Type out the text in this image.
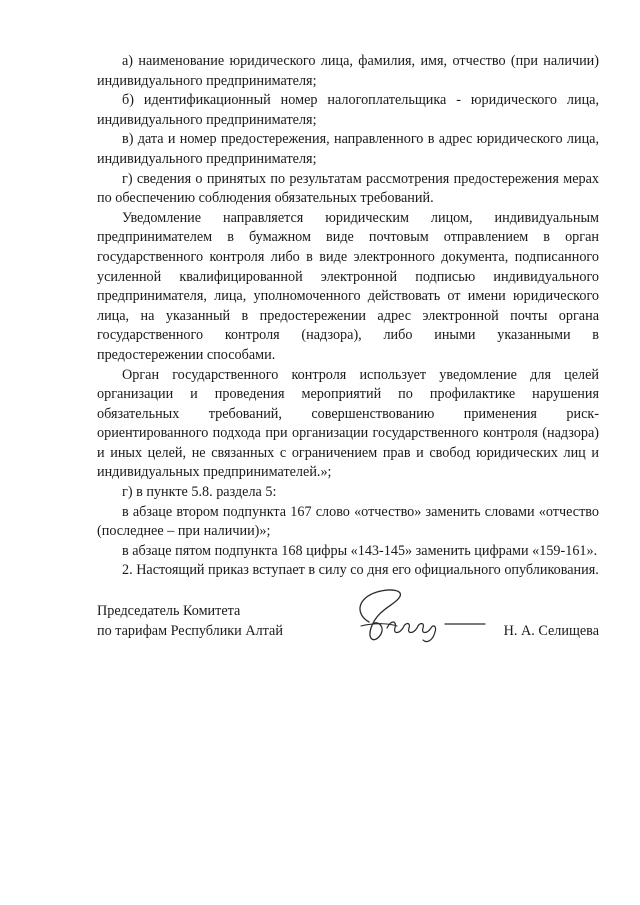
а) наименование юридического лица, фамилия, имя, отчество (при наличии) индивидуального предпринимателя;

б) идентификационный номер налогоплательщика - юридического лица, индивидуального предпринимателя;

в) дата и номер предостережения, направленного в адрес юридического лица, индивидуального предпринимателя;

г) сведения о принятых по результатам рассмотрения предостережения мерах по обеспечению соблюдения обязательных требований.

Уведомление направляется юридическим лицом, индивидуальным предпринимателем в бумажном виде почтовым отправлением в орган государственного контроля либо в виде электронного документа, подписанного усиленной квалифицированной электронной подписью индивидуального предпринимателя, лица, уполномоченного действовать от имени юридического лица, на указанный в предостережении адрес электронной почты органа государственного контроля (надзора), либо иными указанными в предостережении способами.

Орган государственного контроля использует уведомление для целей организации и проведения мероприятий по профилактике нарушения обязательных требований, совершенствованию применения риск-ориентированного подхода при организации государственного контроля (надзора) и иных целей, не связанных с ограничением прав и свобод юридических лиц и индивидуальных предпринимателей.»;

г) в пункте 5.8. раздела 5:

в абзаце втором подпункта 167 слово «отчество» заменить словами «отчество (последнее – при наличии)»;

в абзаце пятом подпункта 168 цифры «143-145» заменить цифрами «159-161».

2. Настоящий приказ вступает в силу со дня его официального опубликования.

Председатель Комитета
по тарифам Республики Алтай	Н. А. Селищева
